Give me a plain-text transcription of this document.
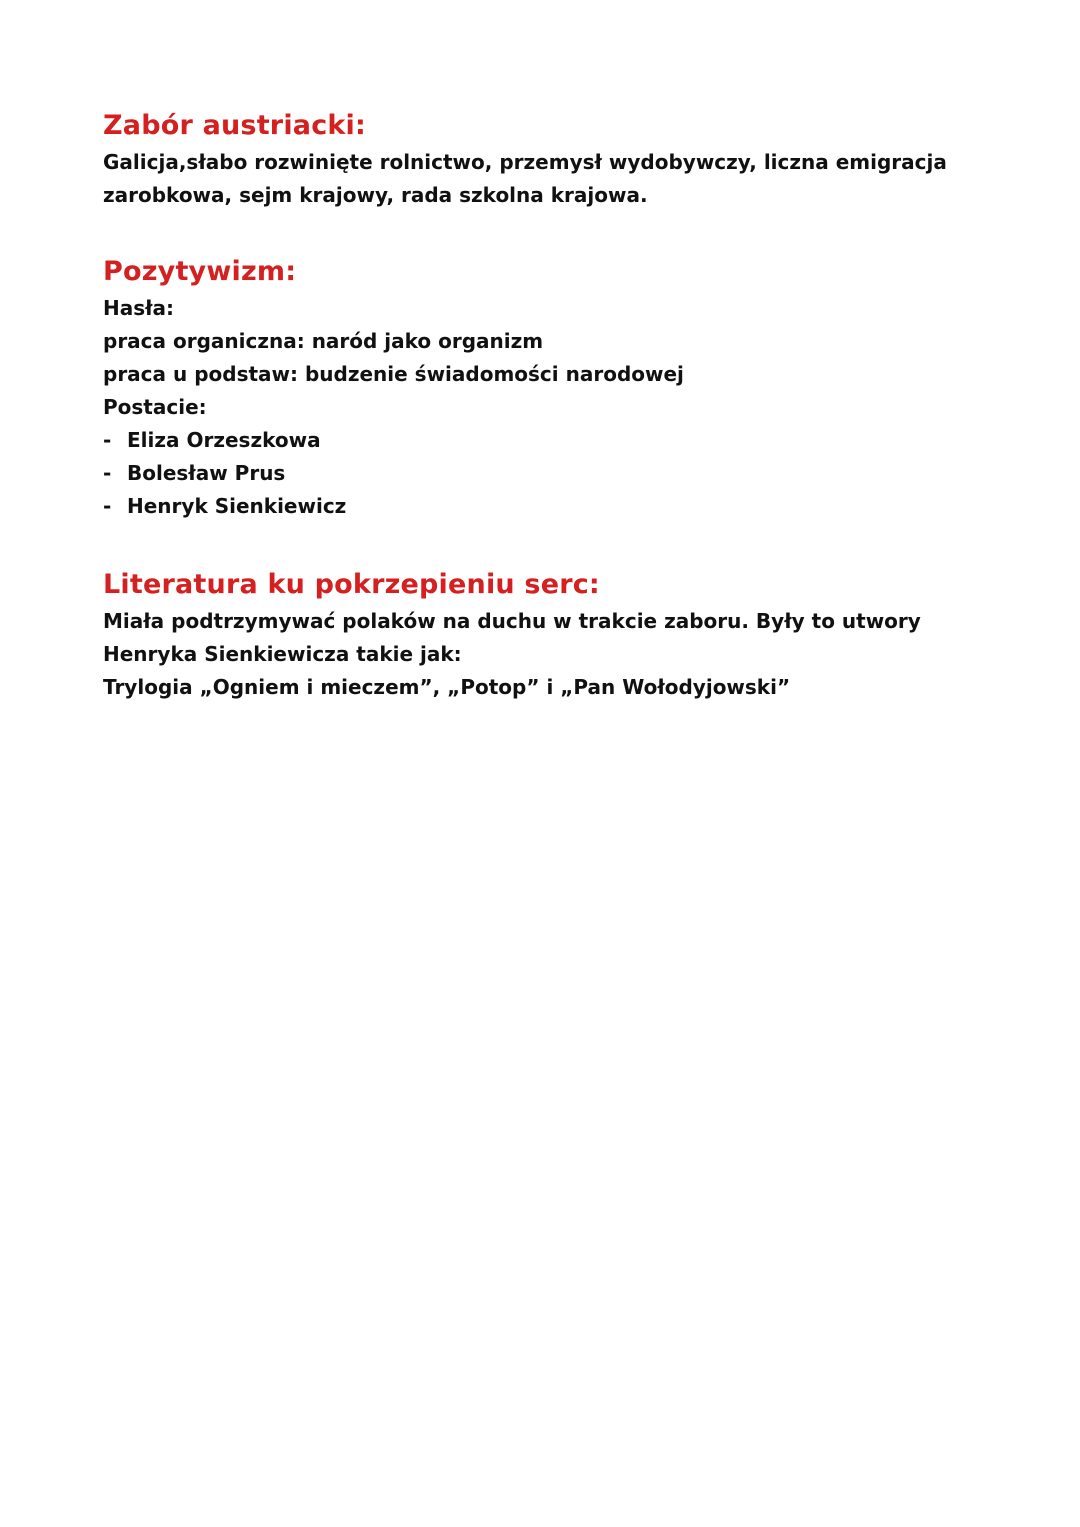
Zabór austriacki:

Galicja,słabo rozwinięte rolnictwo, przemysł wydobywczy, liczna emigracja

zarobkowa, sejm krajowy, rada szkolna krajowa.

Pozytywizm:

Hasła:

praca organiczna: naród jako organizm

praca u podstaw: budzenie świadomości narodowej

Postacie:

- Eliza Orzeszkowa
- Bolesław Prus
- Henryk Sienkiewicz

Literatura ku pokrzepieniu serc:

Miała podtrzymywać polaków na duchu w trakcie zaboru. Były to utwory

Henryka Sienkiewicza takie jak:

Trylogia „Ogniem i mieczem”, „Potop” i „Pan Wołodyjowski”
